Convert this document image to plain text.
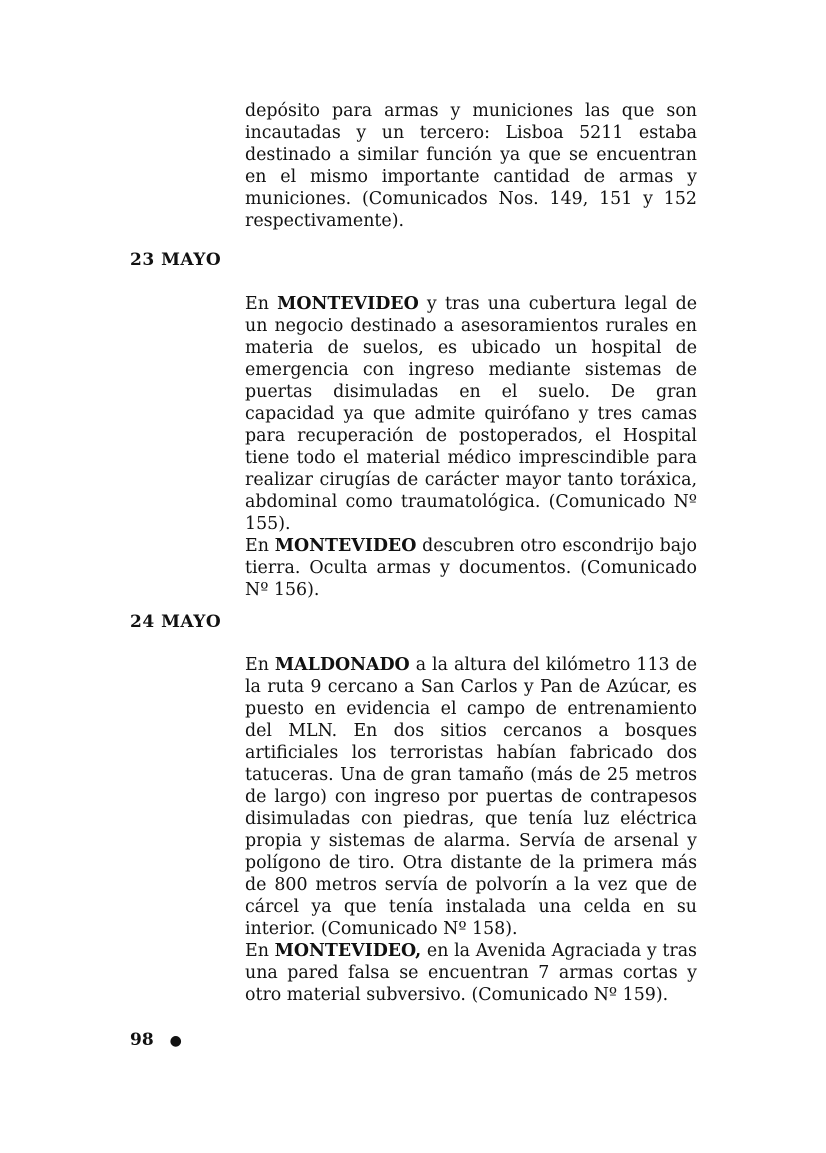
depósito para armas y municiones las que son incautadas y un tercero: Lisboa 5211 estaba destinado a similar función ya que se encuentran en el mismo importante cantidad de armas y municiones. (Comunicados Nos. 149, 151 y 152 respectivamente).

23 MAYO

En MONTEVIDEO y tras una cubertura legal de un negocio destinado a asesoramientos rurales en materia de suelos, es ubicado un hospital de emergencia con ingreso mediante sistemas de puertas disimuladas en el suelo. De gran capacidad ya que admite quirófano y tres camas para recuperación de postoperados, el Hospital tiene todo el material médico imprescindible para realizar cirugías de carácter mayor tanto toráxica, abdominal como traumatológica. (Comunicado Nº 155).
En MONTEVIDEO descubren otro escondrijo bajo tierra. Oculta armas y documentos. (Comunicado Nº 156).

24 MAYO

En MALDONADO a la altura del kilómetro 113 de la ruta 9 cercano a San Carlos y Pan de Azúcar, es puesto en evidencia el campo de entrenamiento del MLN. En dos sitios cercanos a bosques artificiales los terroristas habían fabricado dos tatuceras. Una de gran tamaño (más de 25 metros de largo) con ingreso por puertas de contrapesos disimuladas con piedras, que tenía luz eléctrica propia y sistemas de alarma. Servía de arsenal y polígono de tiro. Otra distante de la primera más de 800 metros servía de polvorín a la vez que de cárcel ya que tenía instalada una celda en su interior. (Comunicado Nº 158).
En MONTEVIDEO, en la Avenida Agraciada y tras una pared falsa se encuentran 7 armas cortas y otro material subversivo. (Comunicado Nº 159).

98 ●
